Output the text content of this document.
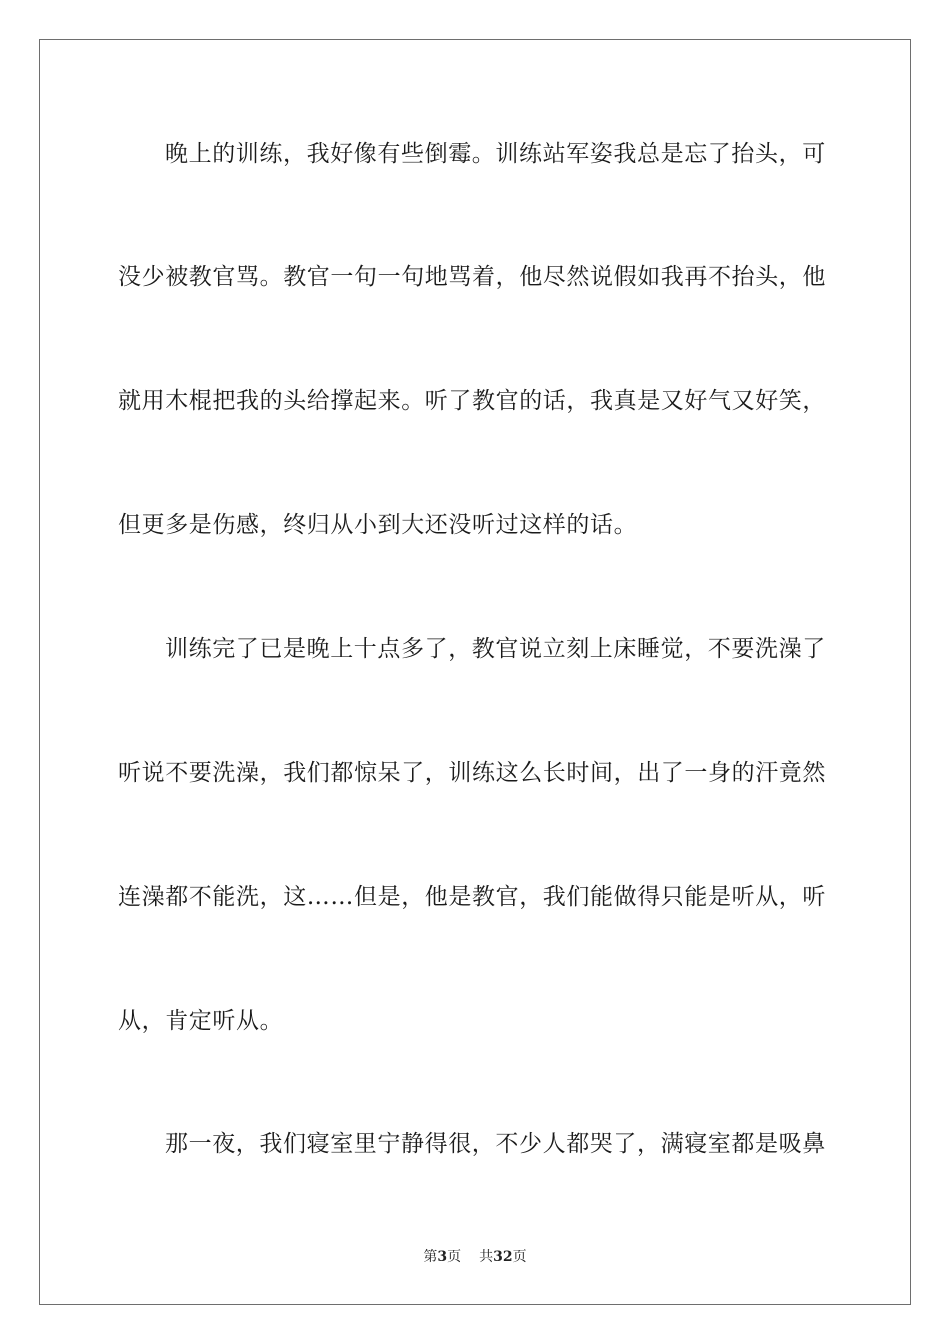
晚上的训练，我好像有些倒霉。训练站军姿我总是忘了抬头，可
没少被教官骂。教官一句一句地骂着，他尽然说假如我再不抬头，他
就用木棍把我的头给撑起来。听了教官的话，我真是又好气又好笑，
但更多是伤感，终归从小到大还没听过这样的话。
训练完了已是晚上十点多了，教官说立刻上床睡觉，不要洗澡了
听说不要洗澡，我们都惊呆了，训练这么长时间，出了一身的汗竟然
连澡都不能洗，这……但是，他是教官，我们能做得只能是听从，听
从，肯定听从。
那一夜，我们寝室里宁静得很，不少人都哭了，满寝室都是吸鼻
第3页 共32页
